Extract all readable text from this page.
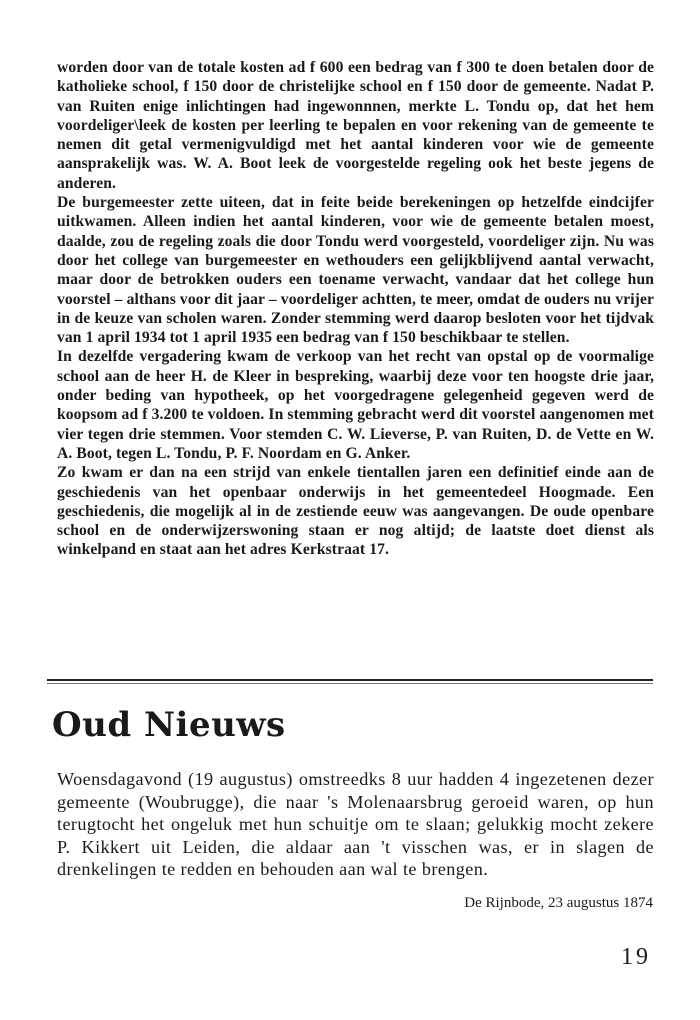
worden door van de totale kosten ad f 600 een bedrag van f 300 te doen betalen door de katholieke school, f 150 door de christelijke school en f 150 door de gemeente. Nadat P. van Ruiten enige inlichtingen had ingewonnnen, merkte L. Tondu op, dat het hem voordeliger\leek de kosten per leerling te bepalen en voor rekening van de gemeente te nemen dit getal vermenigvuldigd met het aantal kinderen voor wie de gemeente aansprakelijk was. W. A. Boot leek de voorgestelde regeling ook het beste jegens de anderen.

De burgemeester zette uiteen, dat in feite beide berekeningen op hetzelfde eindcijfer uitkwamen. Alleen indien het aantal kinderen, voor wie de gemeente betalen moest, daalde, zou de regeling zoals die door Tondu werd voorgesteld, voordeliger zijn. Nu was door het college van burgemeester en wethouders een gelijkblijvend aantal verwacht, maar door de betrokken ouders een toename verwacht, vandaar dat het college hun voorstel – althans voor dit jaar – voordeliger achtten, te meer, omdat de ouders nu vrijer in de keuze van scholen waren. Zonder stemming werd daarop besloten voor het tijdvak van 1 april 1934 tot 1 april 1935 een bedrag van f 150 beschikbaar te stellen.

In dezelfde vergadering kwam de verkoop van het recht van opstal op de voormalige school aan de heer H. de Kleer in bespreking, waarbij deze voor ten hoogste drie jaar, onder beding van hypotheek, op het voorgedragene gelegenheid gegeven werd de koopsom ad f 3.200 te voldoen. In stemming gebracht werd dit voorstel aangenomen met vier tegen drie stemmen. Voor stemden C. W. Lieverse, P. van Ruiten, D. de Vette en W. A. Boot, tegen L. Tondu, P. F. Noordam en G. Anker.

Zo kwam er dan na een strijd van enkele tientallen jaren een definitief einde aan de geschiedenis van het openbaar onderwijs in het gemeentedeel Hoogmade. Een geschiedenis, die mogelijk al in de zestiende eeuw was aangevangen. De oude openbare school en de onderwijzerswoning staan er nog altijd; de laatste doet dienst als winkelpand en staat aan het adres Kerkstraat 17.

Oud Nieuws
Woensdagavond (19 augustus) omstreedks 8 uur hadden 4 ingezetenen dezer gemeente (Woubrugge), die naar 's Molenaarsbrug geroeid waren, op hun terugtocht het ongeluk met hun schuitje om te slaan; gelukkig mocht zekere P. Kikkert uit Leiden, die aldaar aan 't visschen was, er in slagen de drenkelingen te redden en behouden aan wal te brengen.
De Rijnbode, 23 augustus 1874
19
